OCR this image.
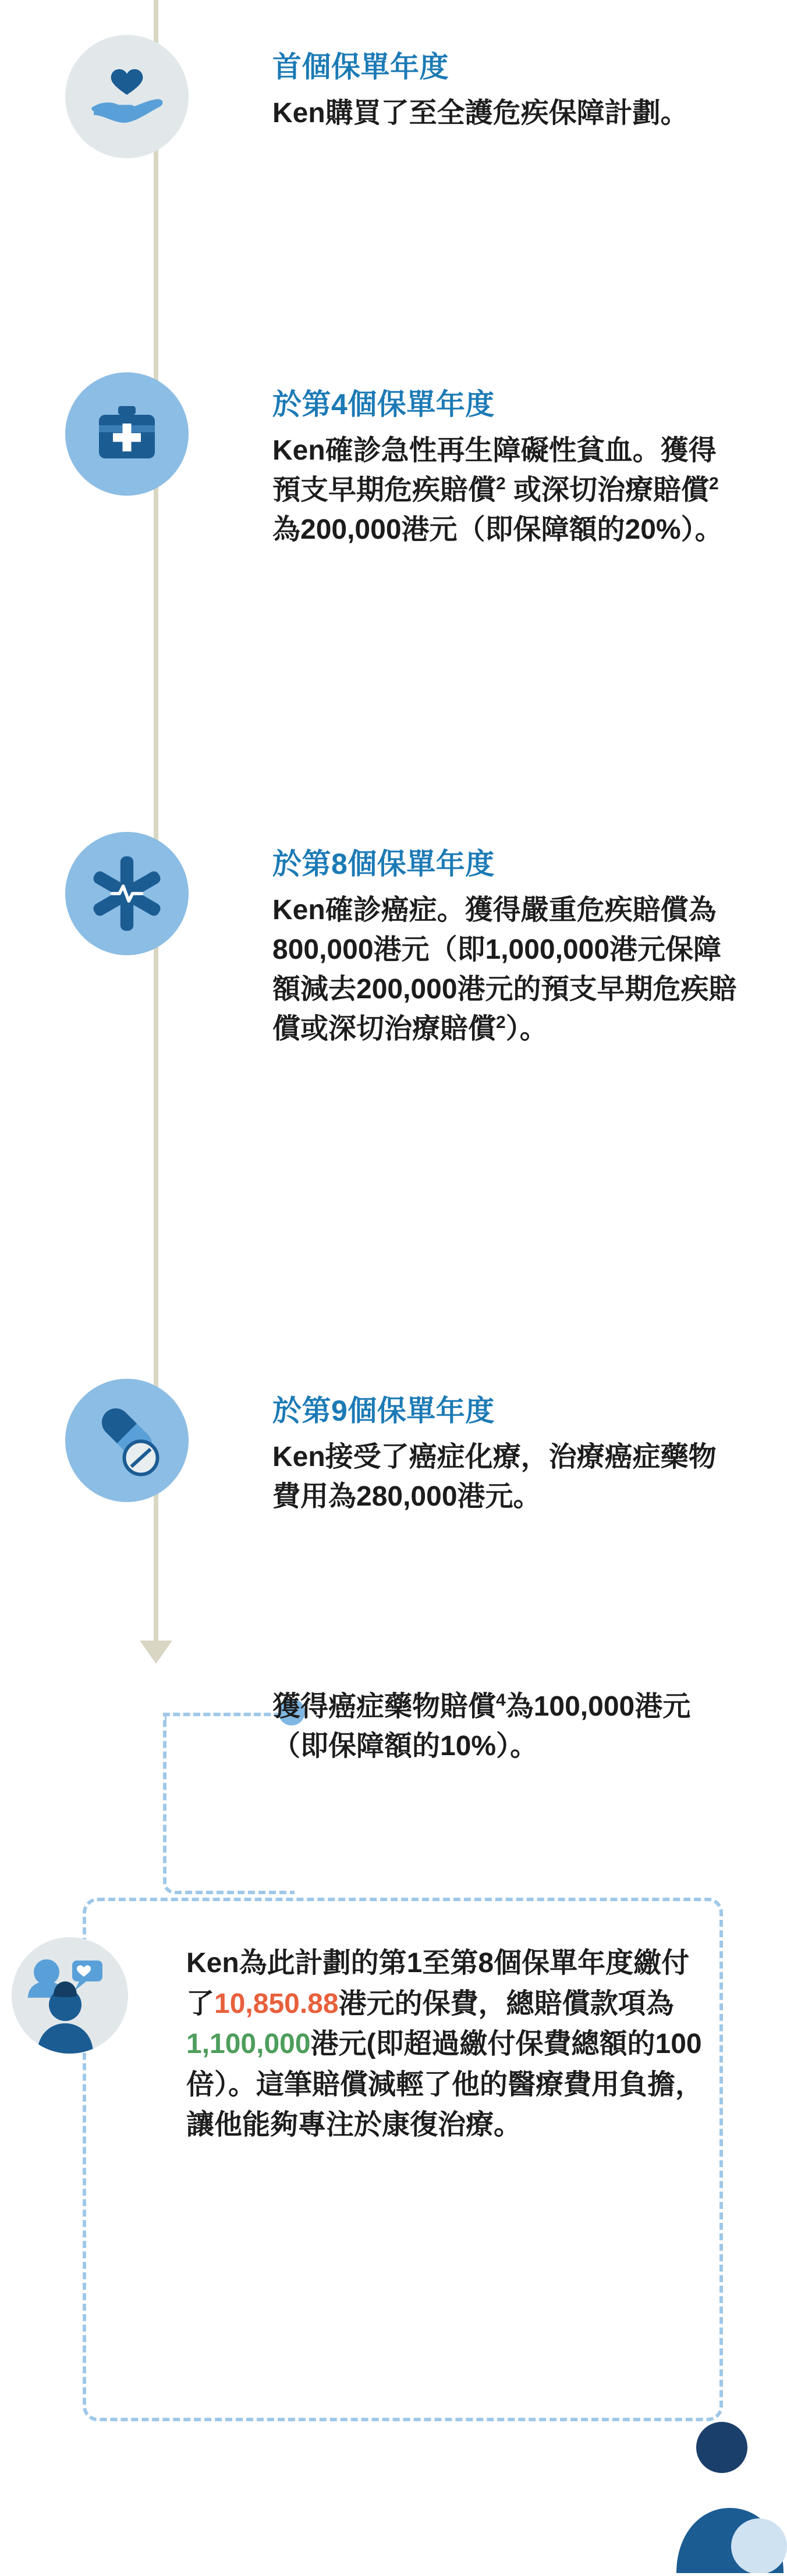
首個保單年度

Ken購買了至全護危疾保障計劃。

於第4個保單年度

Ken確診急性再生障礙性貧血。獲得預支早期危疾賠償$^2$ 或深切治療賠償$^2$為200,000港元（即保障額的20%）。

於第8個保單年度

Ken確診癌症。獲得嚴重危疾賠償為800,000港元（即1,000,000港元保障額減去200,000港元的預支早期危疾賠償或深切治療賠償$^2$）。

於第9個保單年度

Ken接受了癌症化療，治療癌症藥物費用為280,000港元。

獲得癌症藥物賠償$^4$為100,000港元（即保障額的10%）。

Ken為此計劃的第1至第8個保單年度繳付了10,850.88港元的保費，總賠償款項為1,100,000港元(即超過繳付保費總額的100倍）。這筆賠償減輕了他的醫療費用負擔，讓他能夠專注於康復治療。
